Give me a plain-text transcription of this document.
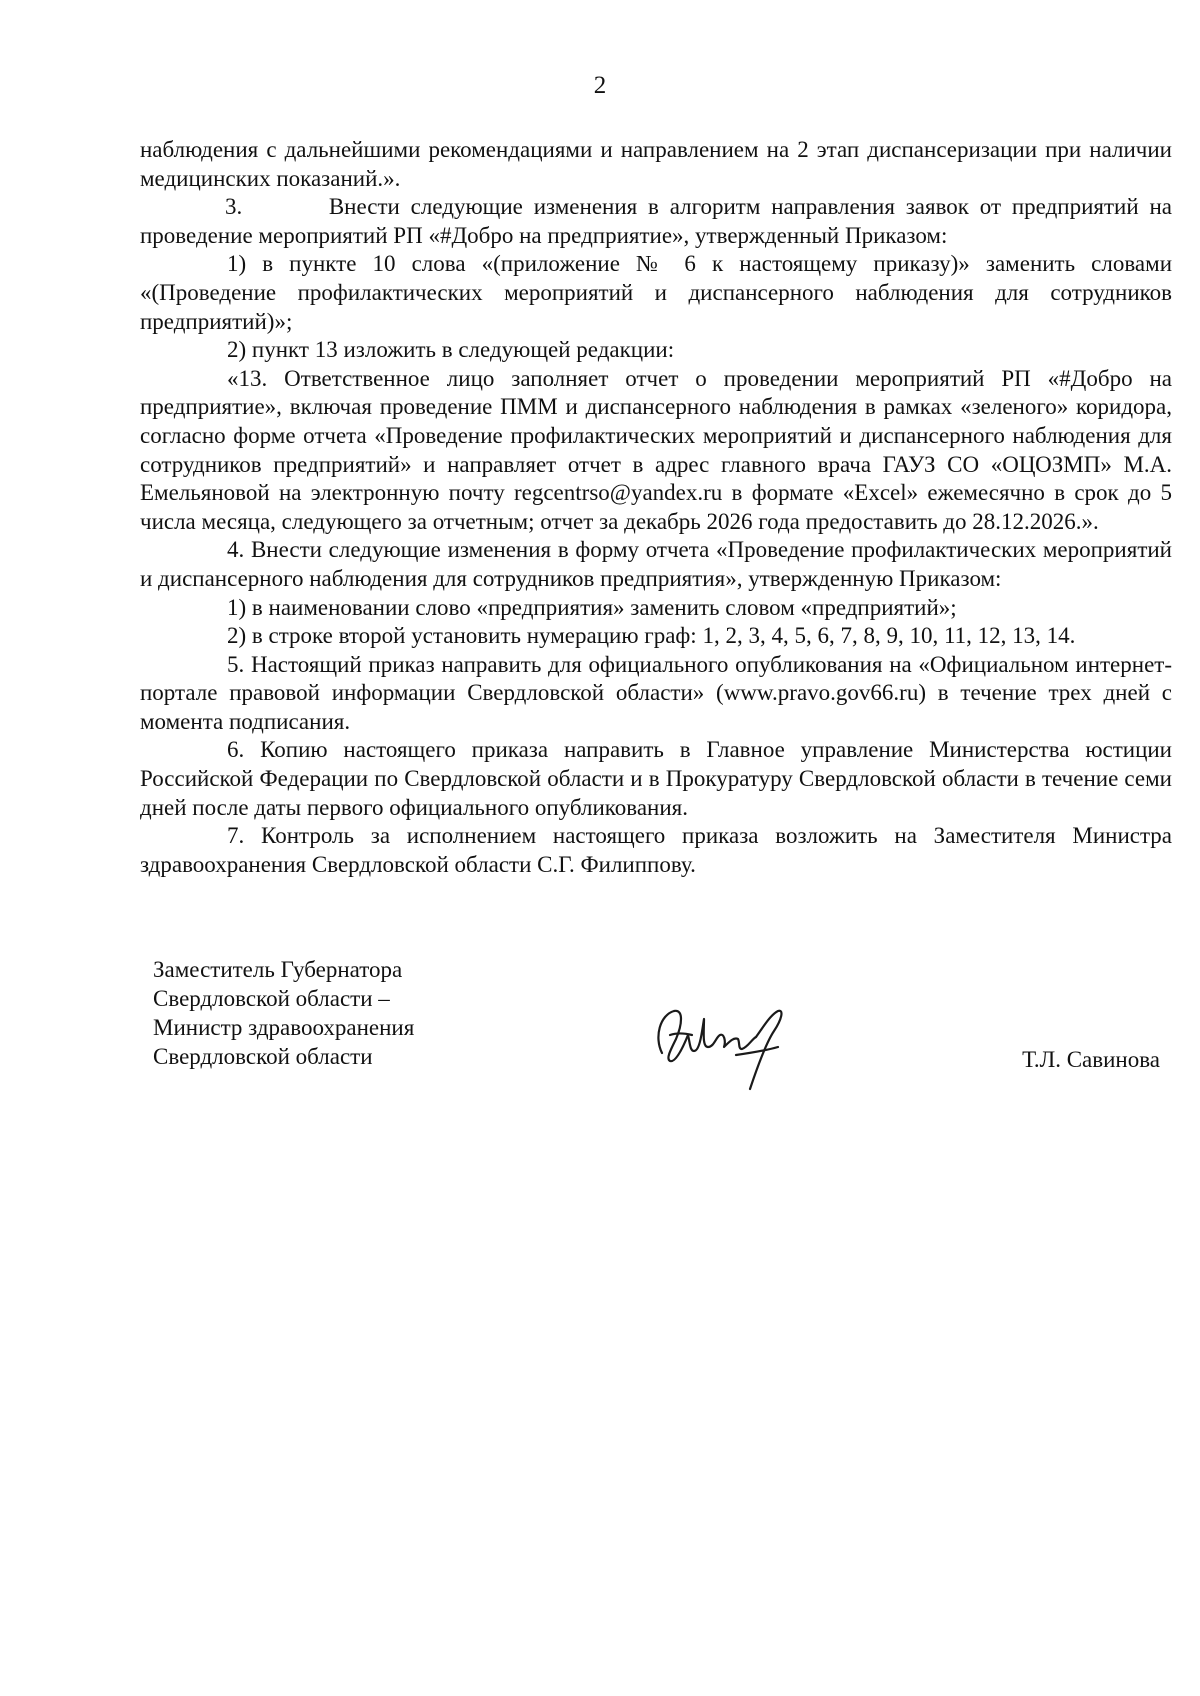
2

наблюдения с дальнейшими рекомендациями и направлением на 2 этап диспансеризации при наличии медицинских показаний.».

3.        Внести следующие изменения в алгоритм направления заявок от предприятий на проведение мероприятий РП «#Добро на предприятие», утвержденный Приказом:

1) в пункте 10 слова «(приложение № 6 к настоящему приказу)» заменить словами «(Проведение профилактических мероприятий и диспансерного наблюдения для сотрудников предприятий)»;

2) пункт 13 изложить в следующей редакции:

«13. Ответственное лицо заполняет отчет о проведении мероприятий РП «#Добро на предприятие», включая проведение ПММ и диспансерного наблюдения в рамках «зеленого» коридора, согласно форме отчета «Проведение профилактических мероприятий и диспансерного наблюдения для сотрудников предприятий» и направляет отчет в адрес главного врача ГАУЗ СО «ОЦОЗМП» М.А. Емельяновой на электронную почту regcentrso@yandex.ru в формате «Excel» ежемесячно в срок до 5 числа месяца, следующего за отчетным; отчет за декабрь 2026 года предоставить до 28.12.2026.».

4. Внести следующие изменения в форму отчета «Проведение профилактических мероприятий и диспансерного наблюдения для сотрудников предприятия», утвержденную Приказом:

1) в наименовании слово «предприятия» заменить словом «предприятий»;

2) в строке второй установить нумерацию граф: 1, 2, 3, 4, 5, 6, 7, 8, 9, 10, 11, 12, 13, 14.

5. Настоящий приказ направить для официального опубликования на «Официальном интернет-портале правовой информации Свердловской области» (www.pravo.gov66.ru) в течение трех дней с момента подписания.

6. Копию настоящего приказа направить в Главное управление Министерства юстиции Российской Федерации по Свердловской области и в Прокуратуру Свердловской области в течение семи дней после даты первого официального опубликования.

7. Контроль за исполнением настоящего приказа возложить на Заместителя Министра здравоохранения Свердловской области С.Г. Филиппову.

Заместитель Губернатора
Свердловской области –
Министр здравоохранения
Свердловской области	Т.Л. Савинова
